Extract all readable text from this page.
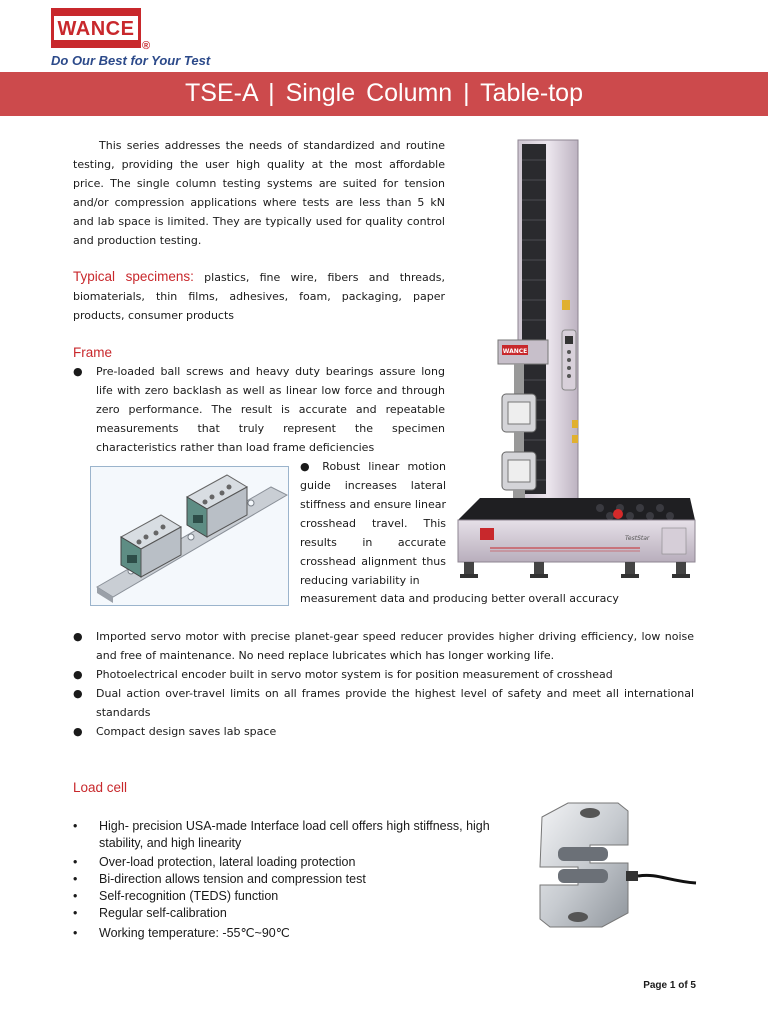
WANCE
®
Do Our Best for Your Test
TSE-A | Single Column | Table-top

This series addresses the needs of standardized and routine testing, providing the user high quality at the most affordable price. The single column testing systems are suited for tension and/or compression applications where tests are less than 5 kN and lab space is limited. They are typically used for quality control and production testing.

Typical specimens: plastics, fine wire, fibers and threads, biomaterials, thin films, adhesives, foam, packaging, paper products, consumer products
Frame
● Pre-loaded ball screws and heavy duty bearings assure long life with zero backlash as well as linear low force and through zero performance. The result is accurate and repeatable measurements that truly represent the specimen characteristics rather than load frame deficiencies
● Robust linear motion guide increases lateral stiffness and ensure linear crosshead travel. This results in accurate crosshead alignment thus reducing variability in
measurement data and producing better overall accuracy
● Imported servo motor with precise planet-gear speed reducer provides higher driving efficiency, low noise and free of maintenance. No need replace lubricates which has longer working life.
● Photoelectrical encoder built in servo motor system is for position measurement of crosshead
● Dual action over-travel limits on all frames provide the highest level of safety and meet all international standards
● Compact design saves lab space
Load cell
• High- precision USA-made Interface load cell offers high stiffness, high stability, and high linearity
• Over-load protection, lateral loading protection
• Bi-direction allows tension and compression test
• Self-recognition (TEDS) function
• Regular self-calibration
• Working temperature: -55℃~90℃
WANCE
TestStar
Page 1 of 5
